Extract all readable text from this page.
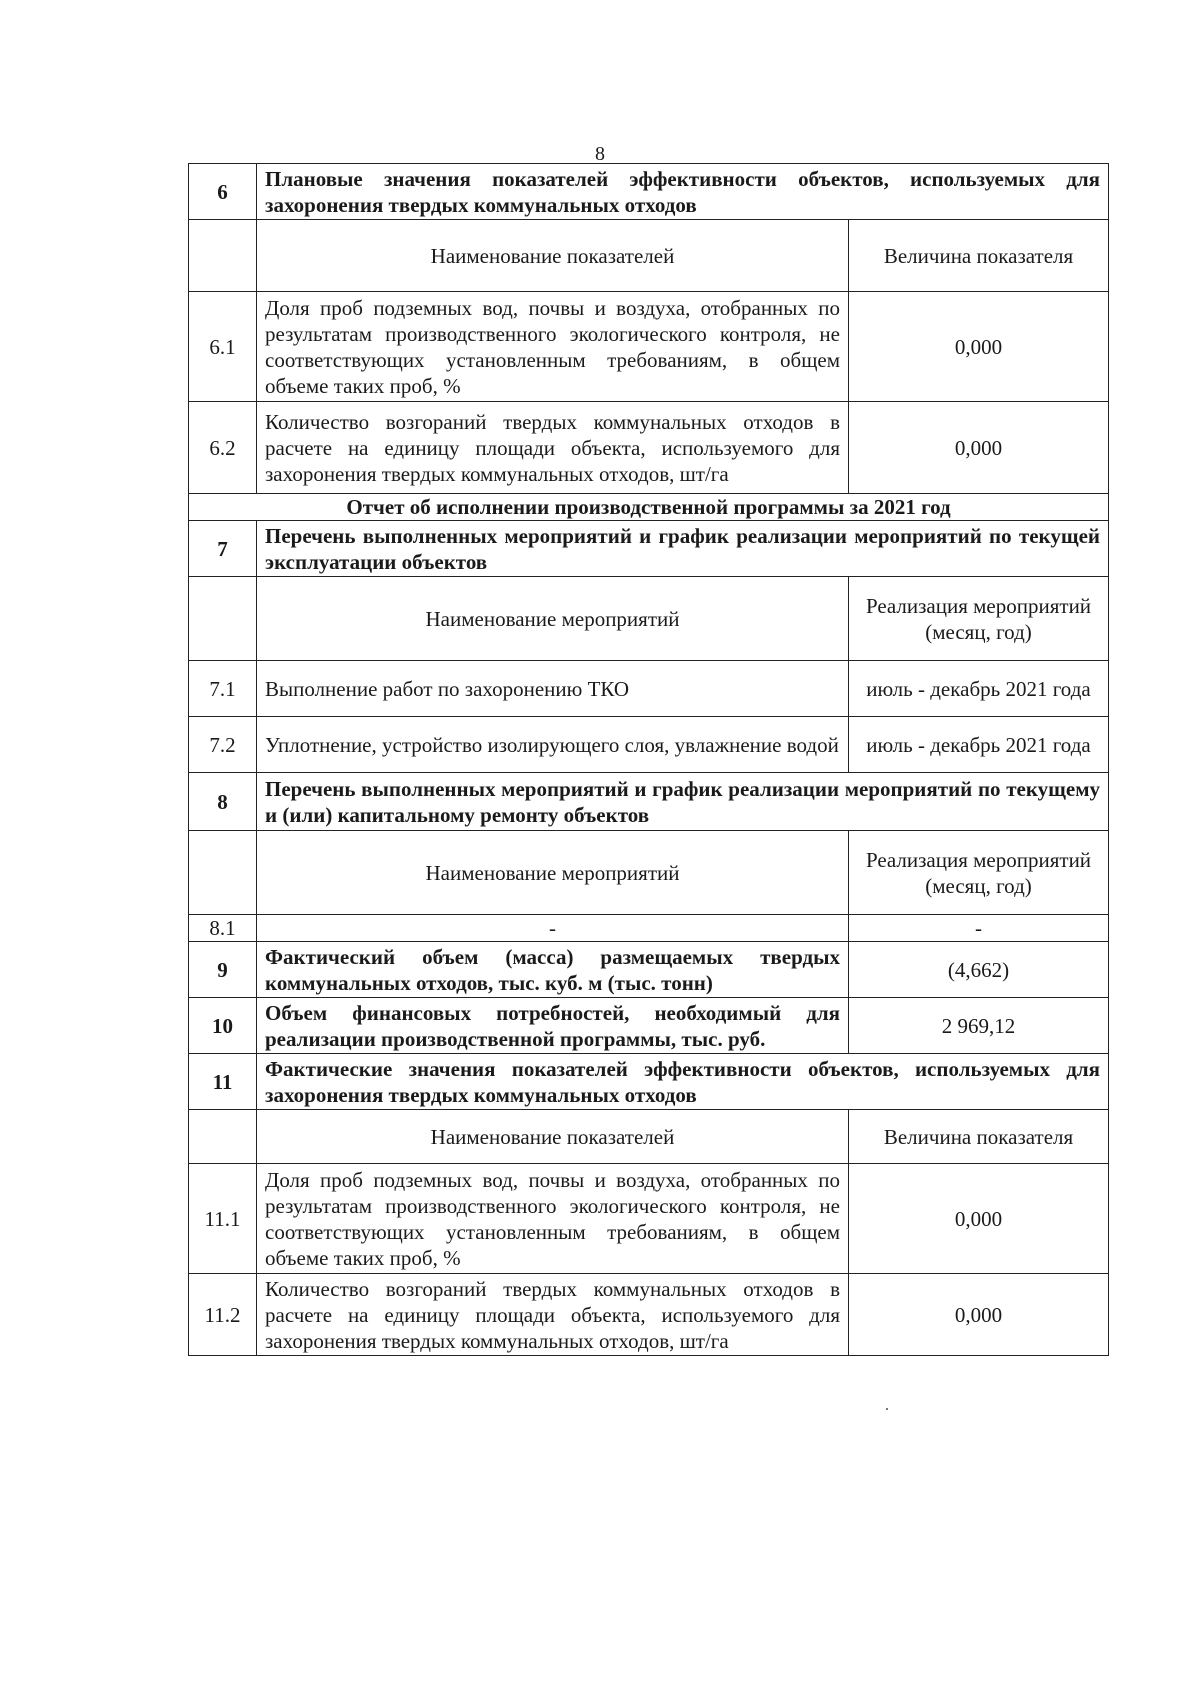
8
6	Плановые значения показателей эффективности объектов, используемых для захоронения твердых коммунальных отходов	
	Наименование показателей	Величина показателя
6.1	Доля проб подземных вод, почвы и воздуха, отобранных по результатам производственного экологического контроля, не соответствующих установленным требованиям, в общем объеме таких проб, %	0,000
6.2	Количество возгораний твердых коммунальных отходов в расчете на единицу площади объекта, используемого для захоронения твердых коммунальных отходов, шт/га	0,000
Отчет об исполнении производственной программы за 2021 год		
7	Перечень выполненных мероприятий и график реализации мероприятий по текущей эксплуатации объектов	
	Наименование мероприятий	Реализация мероприятий (месяц, год)
7.1	Выполнение работ по захоронению ТКО	июль - декабрь 2021 года
7.2	Уплотнение, устройство изолирующего слоя, увлажнение водой	июль - декабрь 2021 года
8	Перечень выполненных мероприятий и график реализации мероприятий по текущему и (или) капитальному ремонту объектов	
	Наименование мероприятий	Реализация мероприятий (месяц, год)
8.1	-	-
9	Фактический объем (масса) размещаемых твердых коммунальных отходов, тыс. куб. м (тыс. тонн)	(4,662)
10	Объем финансовых потребностей, необходимый для реализации производственной программы, тыс. руб.	2 969,12
11	Фактические значения показателей эффективности объектов, используемых для захоронения твердых коммунальных отходов	
	Наименование показателей	Величина показателя
11.1	Доля проб подземных вод, почвы и воздуха, отобранных по результатам производственного экологического контроля, не соответствующих установленным требованиям, в общем объеме таких проб, %	0,000
11.2	Количество возгораний твердых коммунальных отходов в расчете на единицу площади объекта, используемого для захоронения твердых коммунальных отходов, шт/га	0,000
